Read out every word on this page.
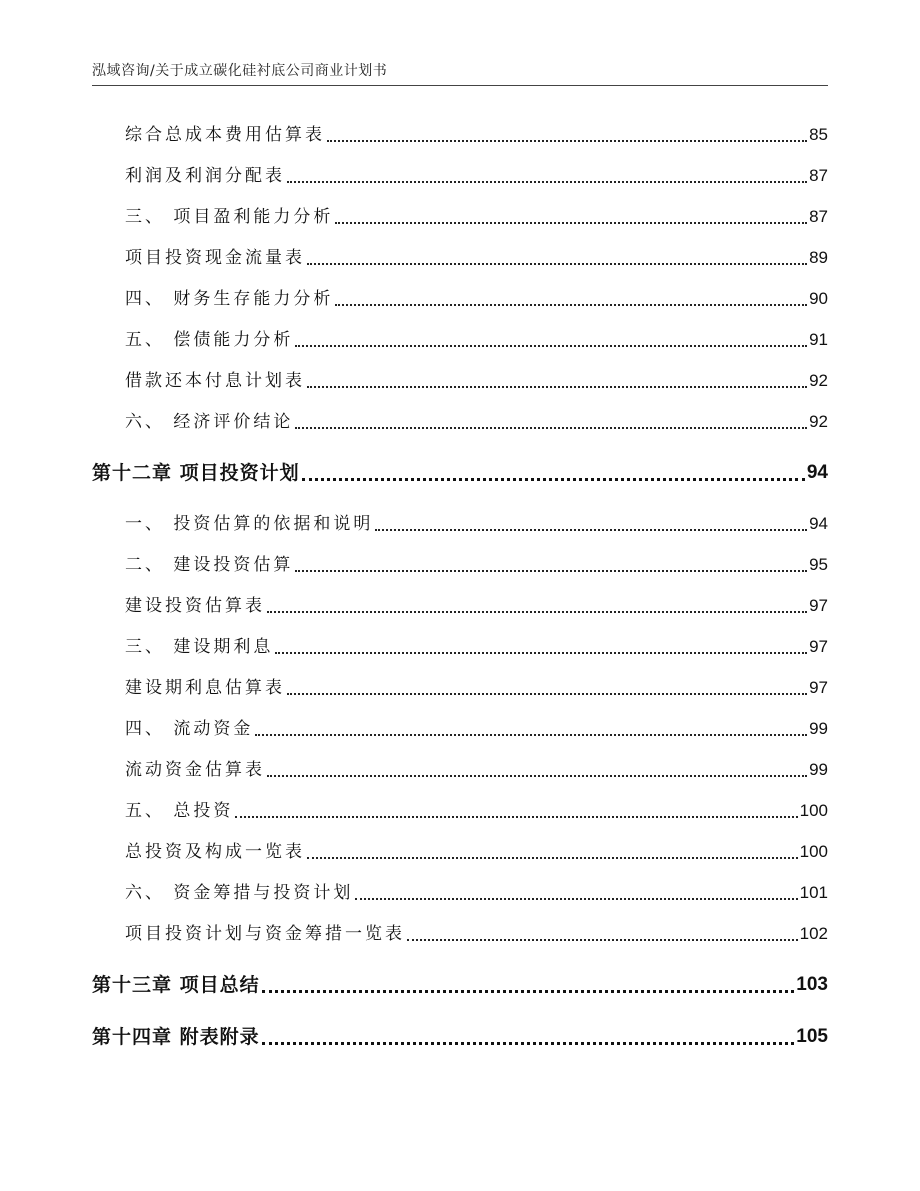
泓域咨询/关于成立碳化硅衬底公司商业计划书
综合总成本费用估算表	85
利润及利润分配表	87
三、 项目盈利能力分析	87
项目投资现金流量表	89
四、 财务生存能力分析	90
五、 偿债能力分析	91
借款还本付息计划表	92
六、 经济评价结论	92
第十二章 项目投资计划	94
一、 投资估算的依据和说明	94
二、 建设投资估算	95
建设投资估算表	97
三、 建设期利息	97
建设期利息估算表	97
四、 流动资金	99
流动资金估算表	99
五、 总投资	100
总投资及构成一览表	100
六、 资金筹措与投资计划	101
项目投资计划与资金筹措一览表	102
第十三章 项目总结	103
第十四章 附表附录	105
